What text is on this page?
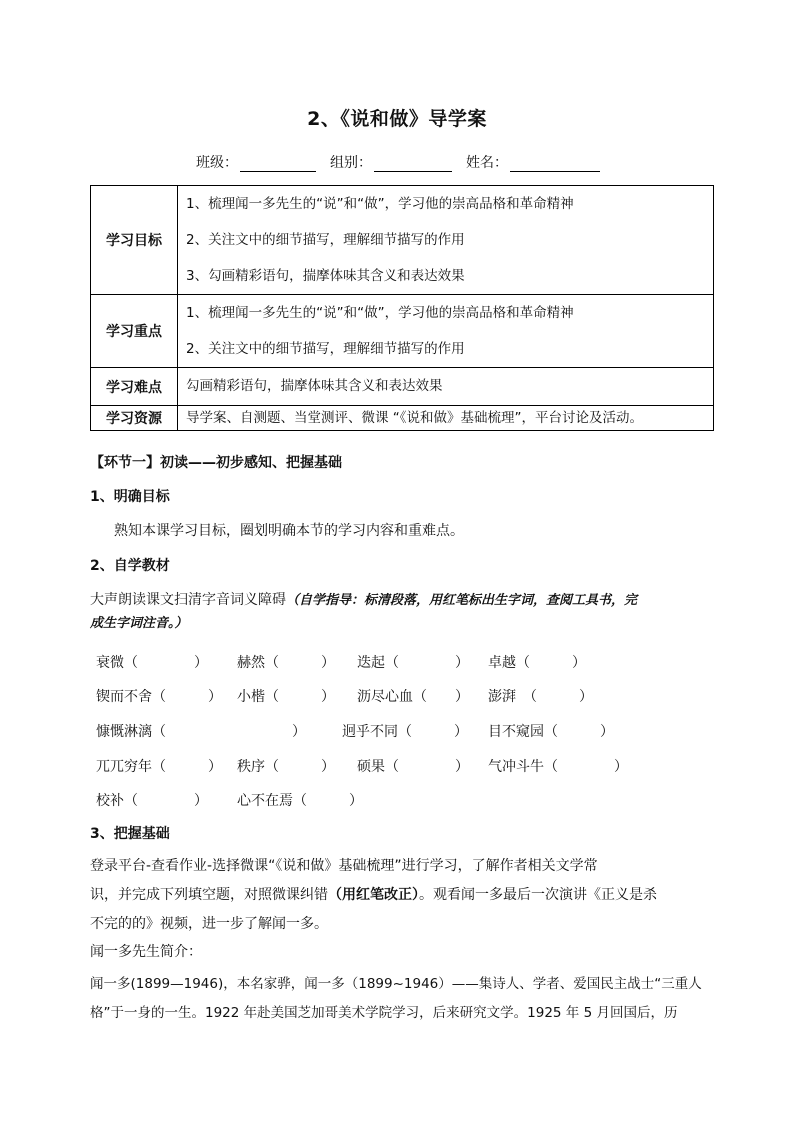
2、《说和做》导学案
班级：	组别：	姓名：
学习目标	1、梳理闻一多先生的“说”和“做”，学习他的崇高品格和革命精神
2、关注文中的细节描写，理解细节描写的作用
3、勾画精彩语句，揣摩体味其含义和表达效果

学习重点	1、梳理闻一多先生的“说”和“做”，学习他的崇高品格和革命精神
2、关注文中的细节描写，理解细节描写的作用

学习难点	勾画精彩语句，揣摩体味其含义和表达效果

学习资源	导学案、自测题、当堂测评、微课 “《说和做》基础梳理”，平台讨论及活动。
【环节一】初读——初步感知、把握基础
1、明确目标
熟知本课学习目标，圈划明确本节的学习内容和重难点。
2、自学教材
大声朗读课文扫清字音词义障碍（自学指导：标清段落，用红笔标出生字词，查阅工具书，完
成生字词注音。）
衰微（　　　　） 赫然（　　　） 迭起（　　　　） 卓越（　　　）
锲而不舍（　　　） 小楷（　　　） 沥尽心血（　　） 澎湃　（　　　）
慷慨淋漓（　　　　　　　　　）	迥乎不同（　　　） 目不窥园（　　　）
兀兀穷年（　　　） 秩序（　　　） 硕果（　　　　） 气冲斗牛（　　　　）
校补（　　　　） 心不在焉（　　　）
3、把握基础
登录平台-查看作业-选择微课“《说和做》基础梳理”进行学习，了解作者相关文学常
识，并完成下列填空题，对照微课纠错（用红笔改正）。观看闻一多最后一次演讲《正义是杀
不完的的》视频，进一步了解闻一多。
闻一多先生简介：
闻一多(1899—1946)，本名家骅，闻一多（1899~1946）——集诗人、学者、爱国民主战士“三重人
格”于一身的一生。1922 年赴美国芝加哥美术学院学习，后来研究文学。1925 年 5 月回国后，历
